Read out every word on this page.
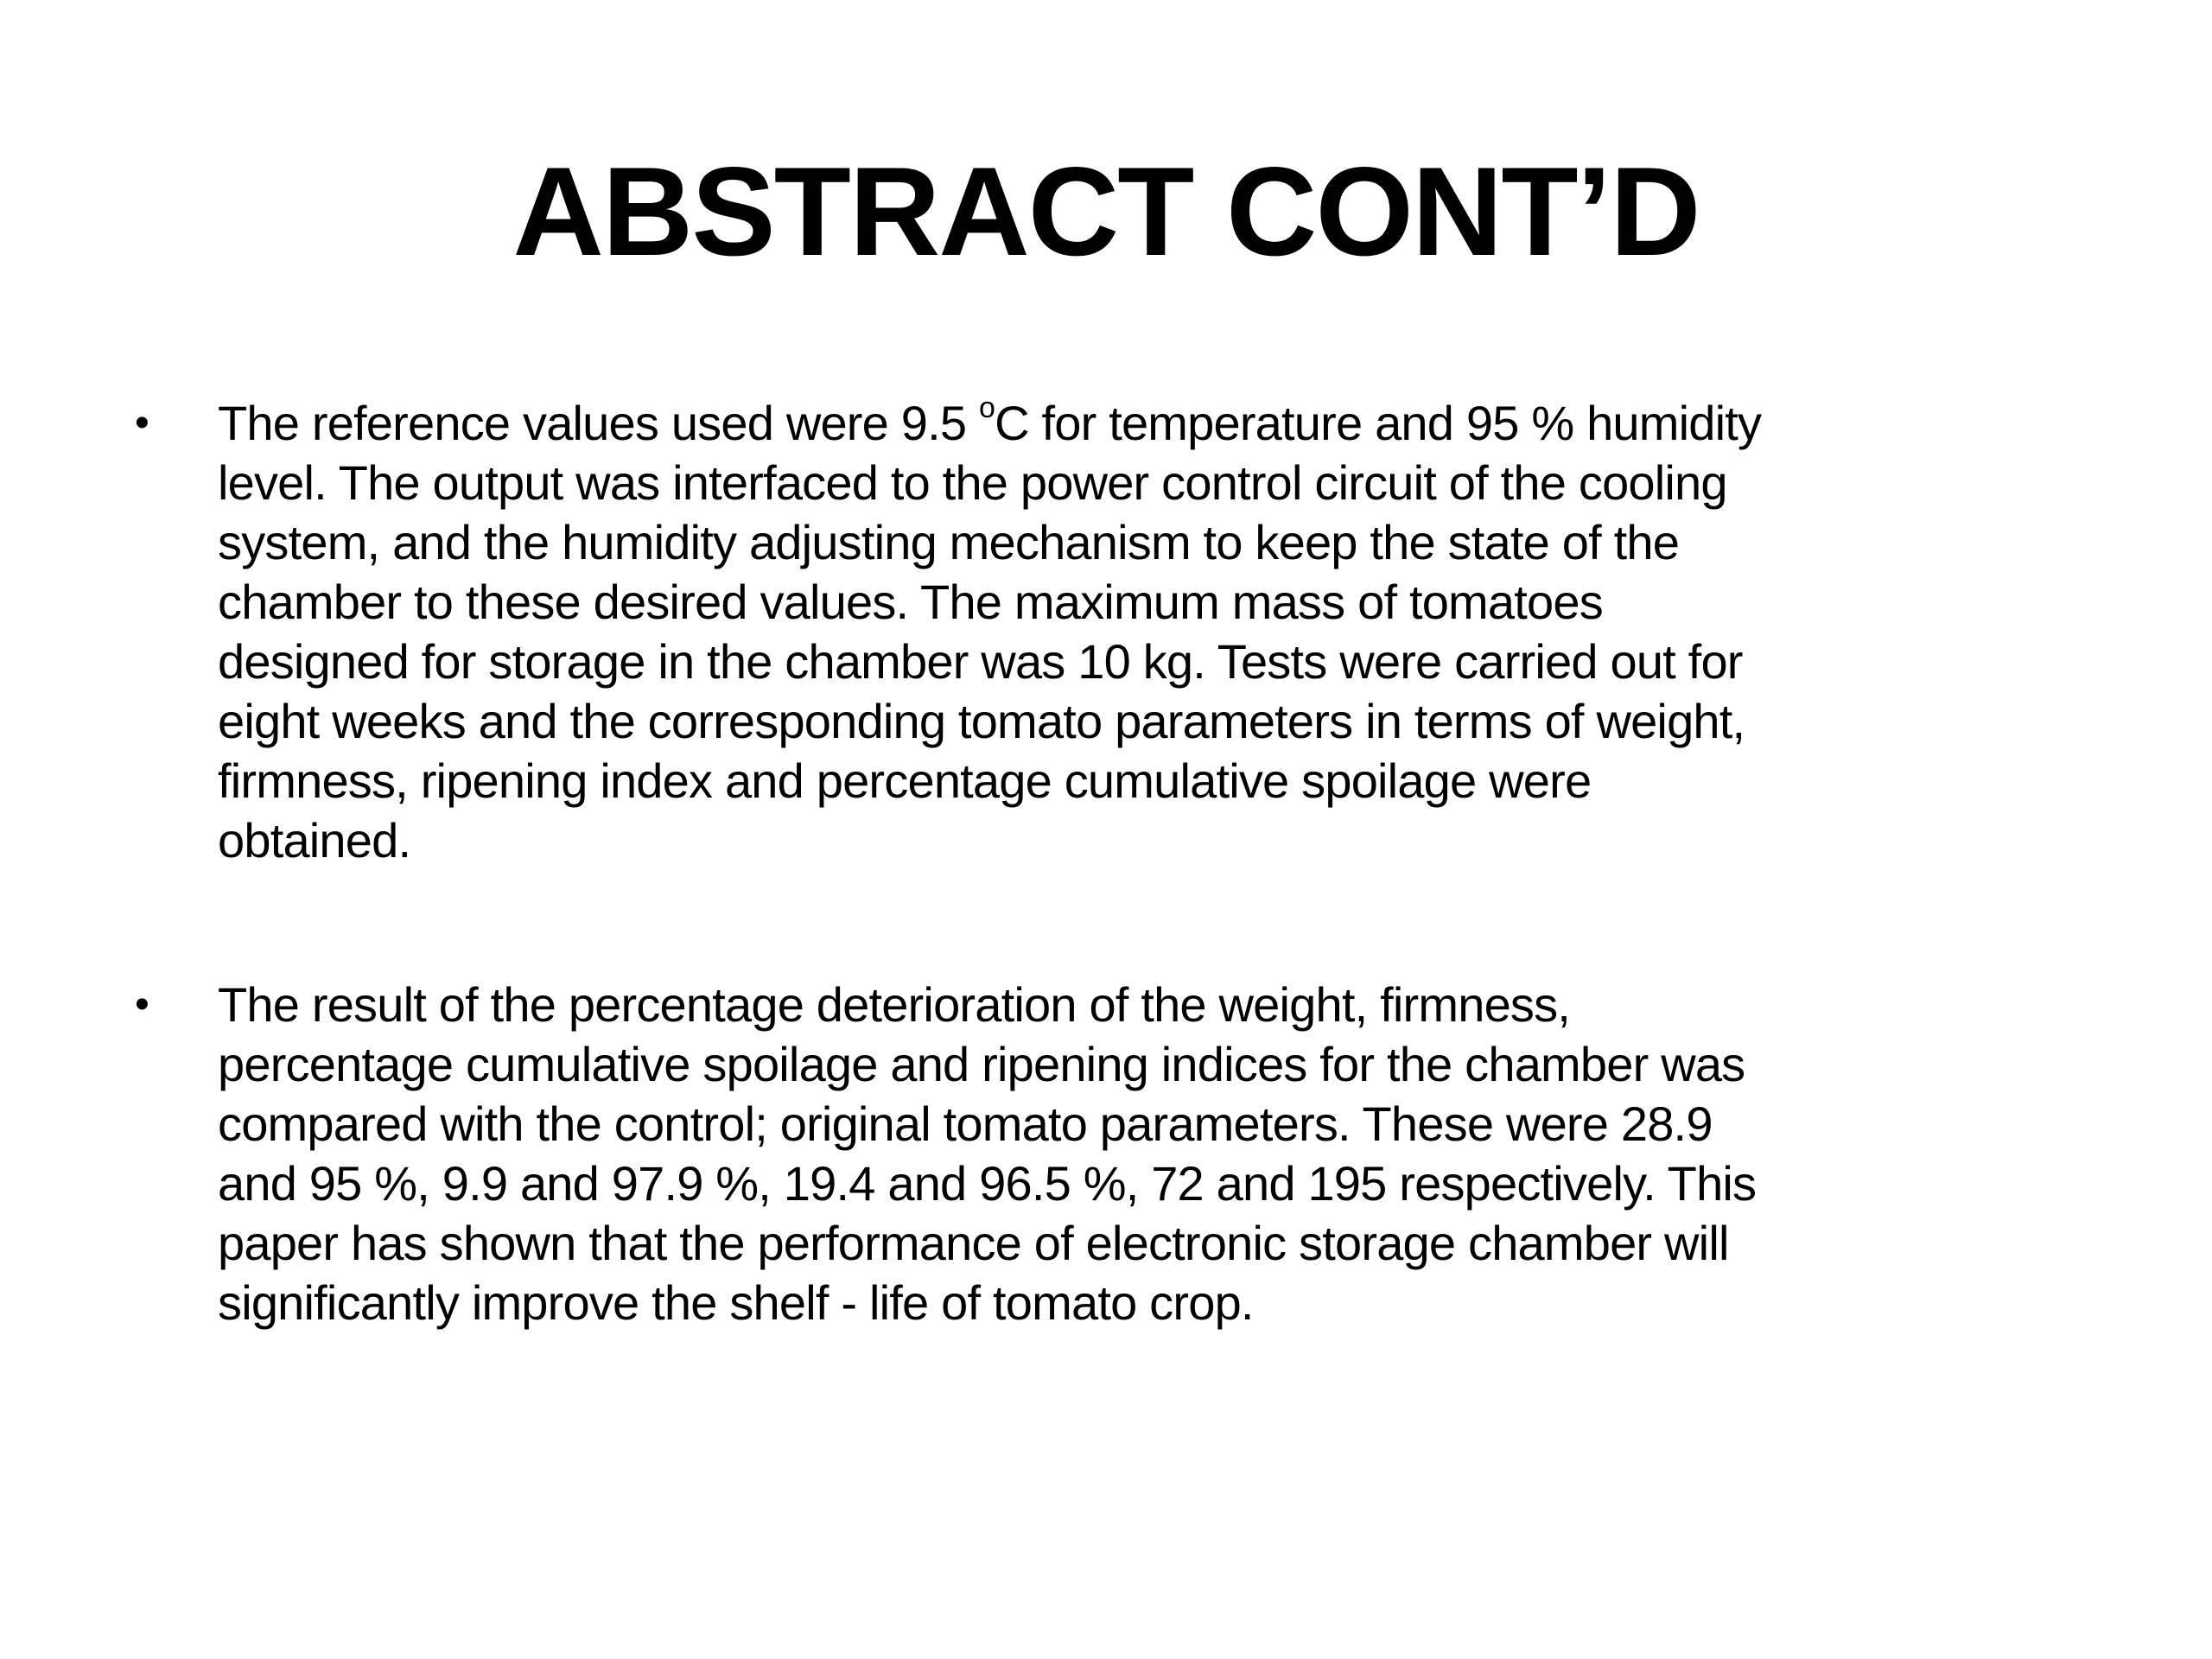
ABSTRACT CONT’D
• The reference values used were 9.5 $^o$C for temperature and 95 % humidity
level. The output was interfaced to the power control circuit of the cooling
system, and the humidity adjusting mechanism to keep the state of the
chamber to these desired values. The maximum mass of tomatoes
designed for storage in the chamber was 10 kg. Tests were carried out for
eight weeks and the corresponding tomato parameters in terms of weight,
firmness, ripening index and percentage cumulative spoilage were
obtained.
• The result of the percentage deterioration of the weight, firmness,
percentage cumulative spoilage and ripening indices for the chamber was
compared with the control; original tomato parameters. These were 28.9
and 95 %, 9.9 and 97.9 %, 19.4 and 96.5 %, 72 and 195 respectively. This
paper has shown that the performance of electronic storage chamber will
significantly improve the shelf - life of tomato crop.
